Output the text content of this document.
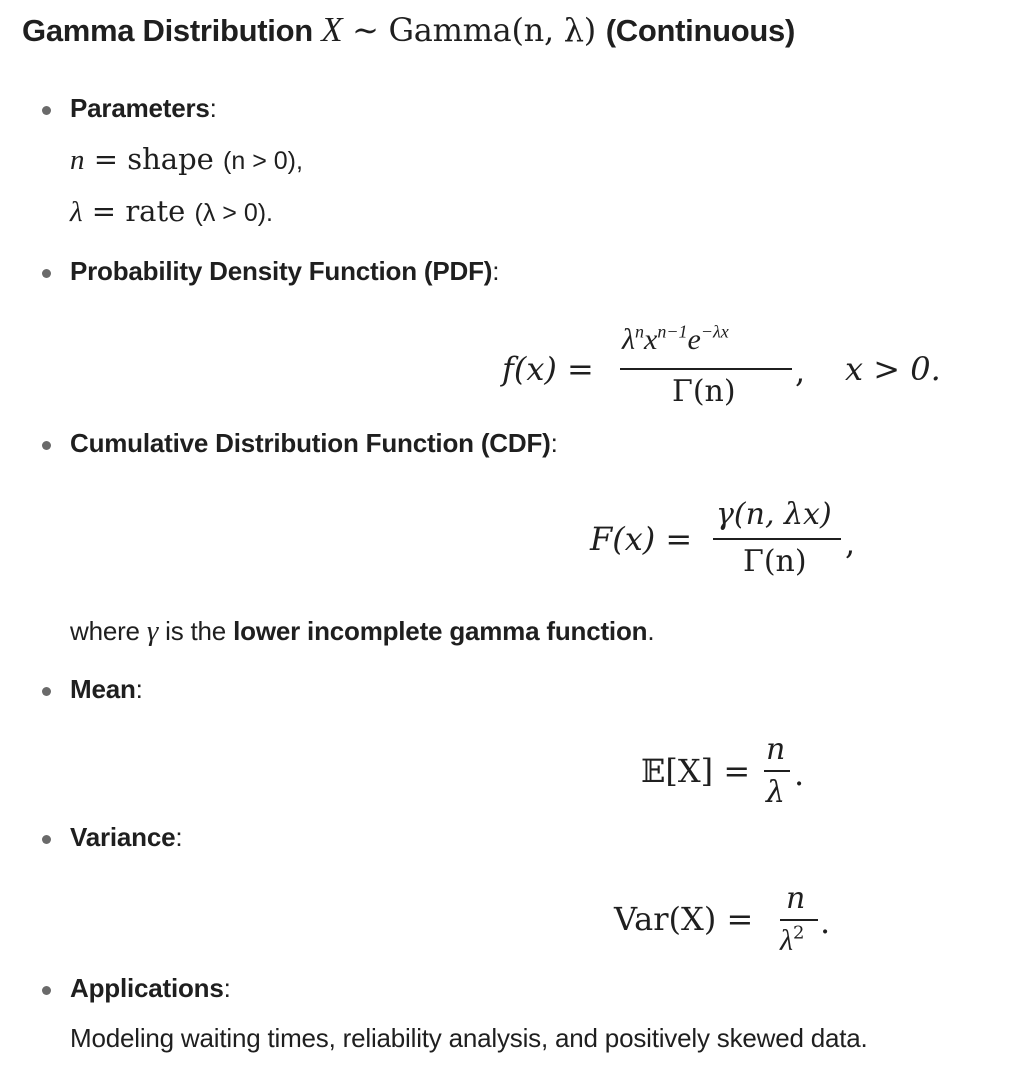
Gamma Distribution X ∼ Gamma(n, λ) (Continuous)
Parameters:
n = shape (n > 0),
λ = rate (λ > 0).
Probability Density Function (PDF):
f(x) =
$\lambda^nx^{n-1}e^{-\lambda x}$
Γ(n)
, x > 0.
Cumulative Distribution Function (CDF):
F(x) =
γ(n, λx)
Γ(n) ,
where γ is the lower incomplete gamma function.
Mean:
𝔼[X] =
n
λ .
Variance:
Var(X) =
n
$\lambda^2$ .
Applications:
Modeling waiting times, reliability analysis, and positively skewed data.
